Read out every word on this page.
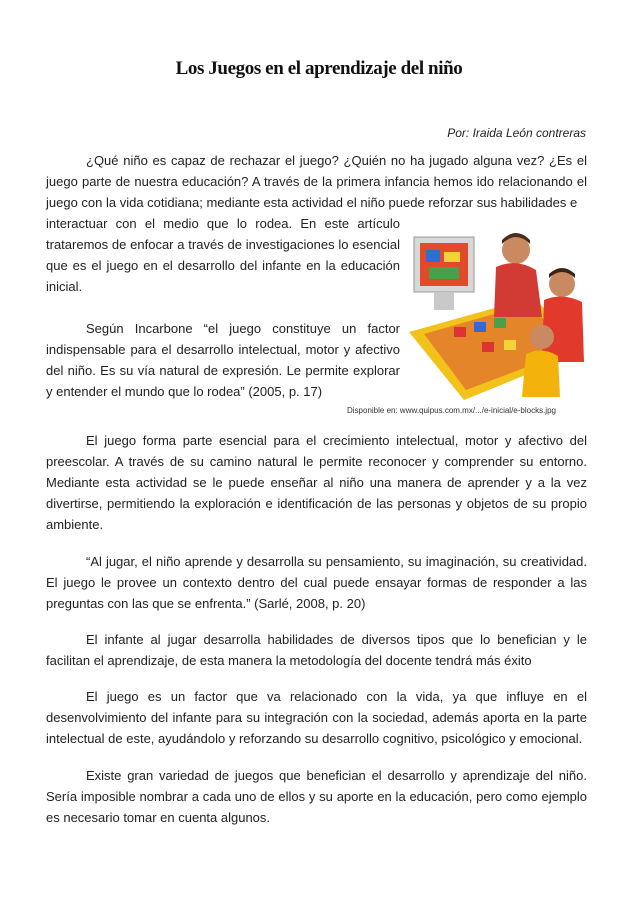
Los Juegos en el aprendizaje del niño
Por: Iraida León contreras

¿Qué niño es capaz de rechazar el juego? ¿Quién no ha jugado alguna vez? ¿Es el juego parte de nuestra educación? A través de la primera infancia hemos ido relacionando el juego con la vida cotidiana; mediante esta actividad el niño puede reforzar sus habilidades e

interactuar con el medio que lo rodea. En este artículo trataremos de enfocar a través de investigaciones lo esencial que es el juego en el desarrollo del infante en la educación inicial.

Según Incarbone “el juego constituye un factor indispensable para el desarrollo intelectual, motor y afectivo del niño. Es su vía natural de expresión. Le permite explorar y entender el mundo que lo rodea” (2005, p. 17)

Disponible en: www.quipus.com.mx/.../e-inicial/e-blocks.jpg

El juego forma parte esencial para el crecimiento intelectual, motor y afectivo del preescolar. A través de su camino natural le permite reconocer y comprender su entorno. Mediante esta actividad se le puede enseñar al niño una manera de aprender y a la vez divertirse, permitiendo la exploración e identificación de las personas y objetos de su propio ambiente.

“Al jugar, el niño aprende y desarrolla su pensamiento, su imaginación, su creatividad. El juego le provee un contexto dentro del cual puede ensayar formas de responder a las preguntas con las que se enfrenta.” (Sarlé, 2008, p. 20)

El infante al jugar desarrolla habilidades de diversos tipos que lo benefician y le facilitan el aprendizaje, de esta manera la metodología del docente tendrá más éxito

El juego es un factor que va relacionado con la vida, ya que influye en el desenvolvimiento del infante para su integración con la sociedad, además aporta en la parte intelectual de este, ayudándolo y reforzando su desarrollo cognitivo, psicológico y emocional.

Existe gran variedad de juegos que benefician el desarrollo y aprendizaje del niño. Sería imposible nombrar a cada uno de ellos y su aporte en la educación, pero como ejemplo es necesario tomar en cuenta algunos.
